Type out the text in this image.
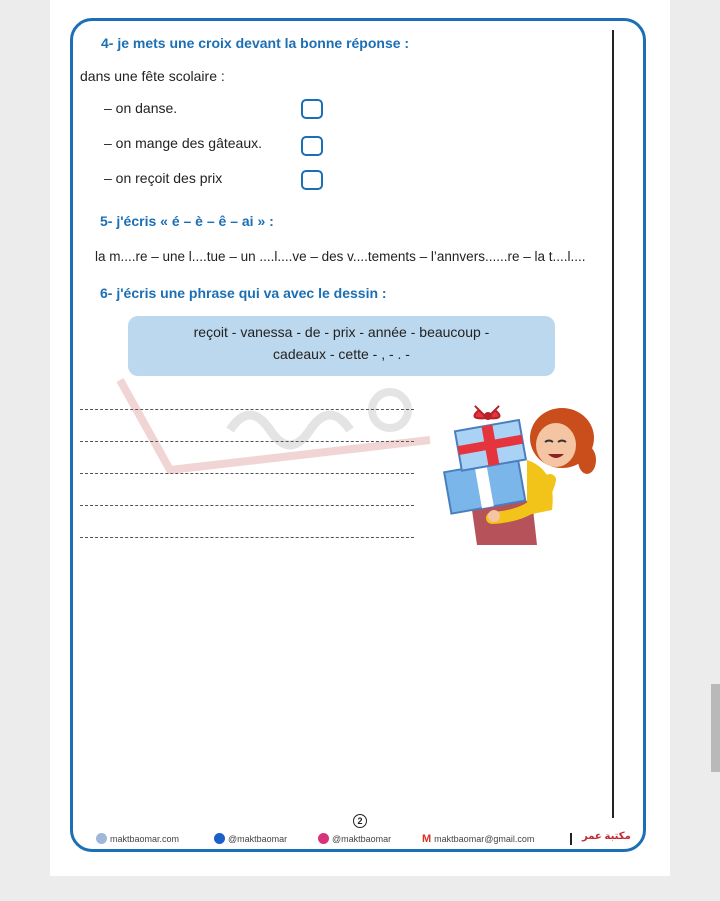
4- je mets une croix devant la bonne réponse :
dans une fête scolaire :
– on danse.
– on mange des gâteaux.
– on reçoit des prix
5- j'écris « é – è – ê – ai » :
la m....re – une l....tue – un ....l....ve – des v....tements – l’annvers......re – la t....l....
6- j'écris une phrase qui va avec le dessin :
reçoit - vanessa - de - prix - année - beaucoup -
cadeaux - cette - , - . -
2
maktbaomar.com	@maktbaomar	@maktbaomar	M maktbaomar@gmail.com	مكتبة عمر
